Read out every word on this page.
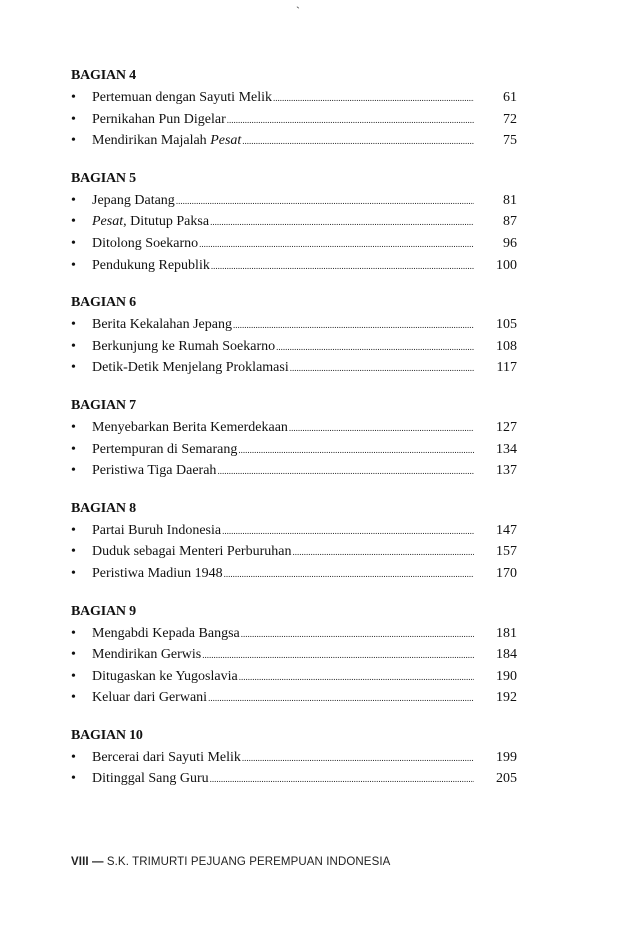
`
BAGIAN 4
•	Pertemuan dengan Sayuti Melik .....	61
•	Pernikahan Pun Digelar .....	72
•	Mendirikan Majalah Pesat .....	75
BAGIAN 5
•	Jepang Datang .....	81
•	Pesat, Ditutup Paksa .....	87
•	Ditolong Soekarno .....	96
•	Pendukung Republik .....	100
BAGIAN 6
•	Berita Kekalahan Jepang .....	105
•	Berkunjung ke Rumah Soekarno .....	108
•	Detik-Detik Menjelang Proklamasi .....	117
BAGIAN 7
•	Menyebarkan Berita Kemerdekaan .....	127
•	Pertempuran di Semarang .....	134
•	Peristiwa Tiga Daerah .....	137
BAGIAN 8
•	Partai Buruh Indonesia .....	147
•	Duduk sebagai Menteri Perburuhan .....	157
•	Peristiwa Madiun 1948 .....	170
BAGIAN 9
•	Mengabdi Kepada Bangsa .....	181
•	Mendirikan Gerwis .....	184
•	Ditugaskan ke Yugoslavia .....	190
•	Keluar dari Gerwani .....	192
BAGIAN 10
•	Bercerai dari Sayuti Melik .....	199
•	Ditinggal Sang Guru .....	205
VIII — S.K. TRIMURTI PEJUANG PEREMPUAN INDONESIA
